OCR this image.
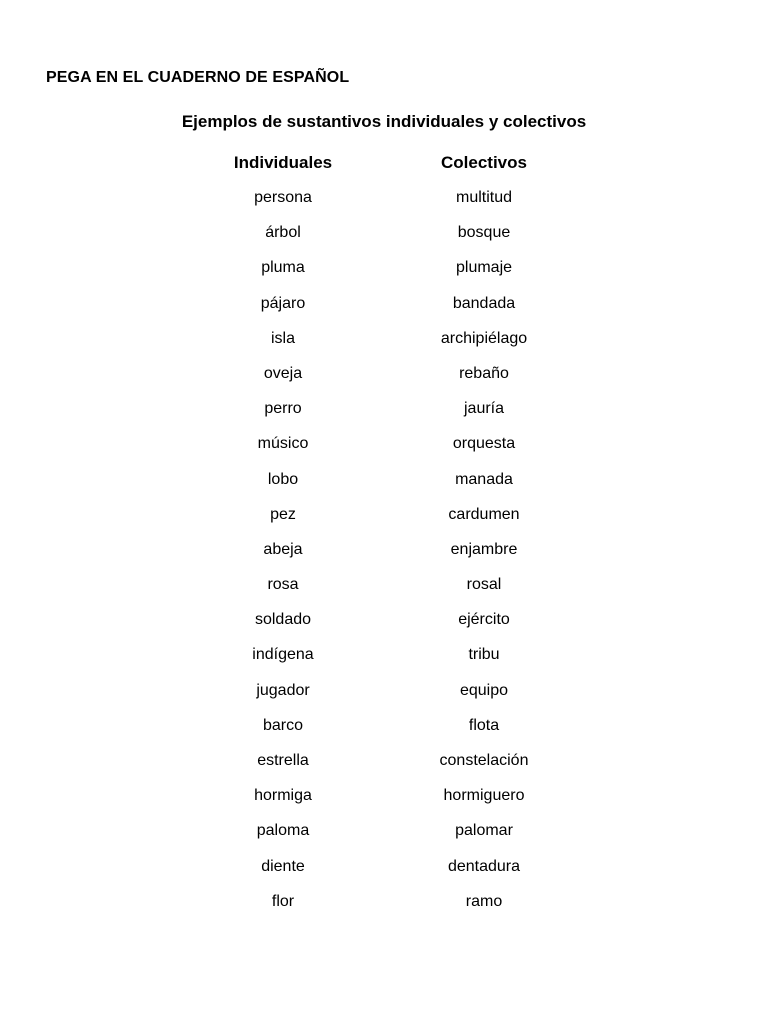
PEGA EN EL CUADERNO DE ESPAÑOL
Ejemplos de sustantivos individuales y colectivos
Individuales	Colectivos
persona	multitud
árbol	bosque
pluma	plumaje
pájaro	bandada
isla	archipiélago
oveja	rebaño
perro	jauría
músico	orquesta
lobo	manada
pez	cardumen
abeja	enjambre
rosa	rosal
soldado	ejército
indígena	tribu
jugador	equipo
barco	flota
estrella	constelación
hormiga	hormiguero
paloma	palomar
diente	dentadura
flor	ramo
